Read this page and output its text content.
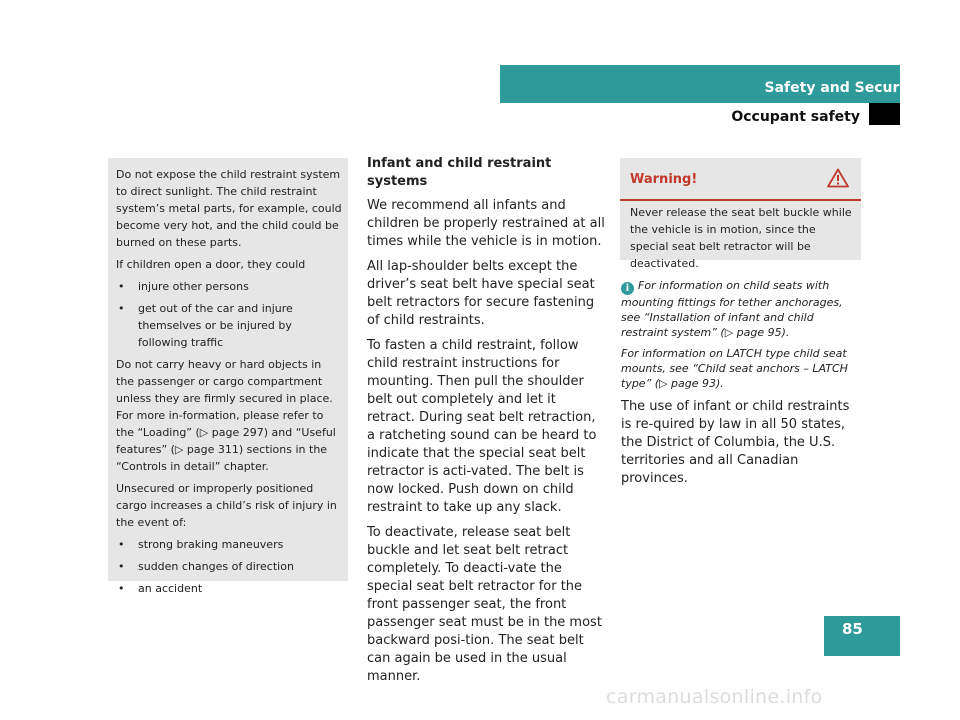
Safety and Security
Occupant safety

Do not expose the child restraint system to direct sunlight. The child restraint system’s metal parts, for example, could become very hot, and the child could be burned on these parts.

If children open a door, they could

• injure other persons
• get out of the car and injure themselves or be injured by following traffic

Do not carry heavy or hard objects in the passenger or cargo compartment unless they are firmly secured in place. For more in-formation, please refer to the “Loading” (▷ page 297) and “Useful features” (▷ page 311) sections in the “Controls in detail” chapter.

Unsecured or improperly positioned cargo increases a child’s risk of injury in the event of:

• strong braking maneuvers
• sudden changes of direction
• an accident
Infant and child restraint systems

We recommend all infants and children be properly restrained at all times while the vehicle is in motion.

All lap-shoulder belts except the driver’s seat belt have special seat belt retractors for secure fastening of child restraints.

To fasten a child restraint, follow child restraint instructions for mounting. Then pull the shoulder belt out completely and let it retract. During seat belt retraction, a ratcheting sound can be heard to indicate that the special seat belt retractor is acti-vated. The belt is now locked. Push down on child restraint to take up any slack.

To deactivate, release seat belt buckle and let seat belt retract completely. To deacti-vate the special seat belt retractor for the front passenger seat, the front passenger seat must be in the most backward posi-tion. The seat belt can again be used in the usual manner.

Warning!
Never release the seat belt buckle while the vehicle is in motion, since the special seat belt retractor will be deactivated.

i For information on child seats with mounting fittings for tether anchorages, see “Installation of infant and child restraint system” (▷ page 95).

For information on LATCH type child seat mounts, see “Child seat anchors – LATCH type” (▷ page 93).

The use of infant or child restraints is re-quired by law in all 50 states, the District of Columbia, the U.S. territories and all Canadian provinces.

85
carmanualsonline.info
